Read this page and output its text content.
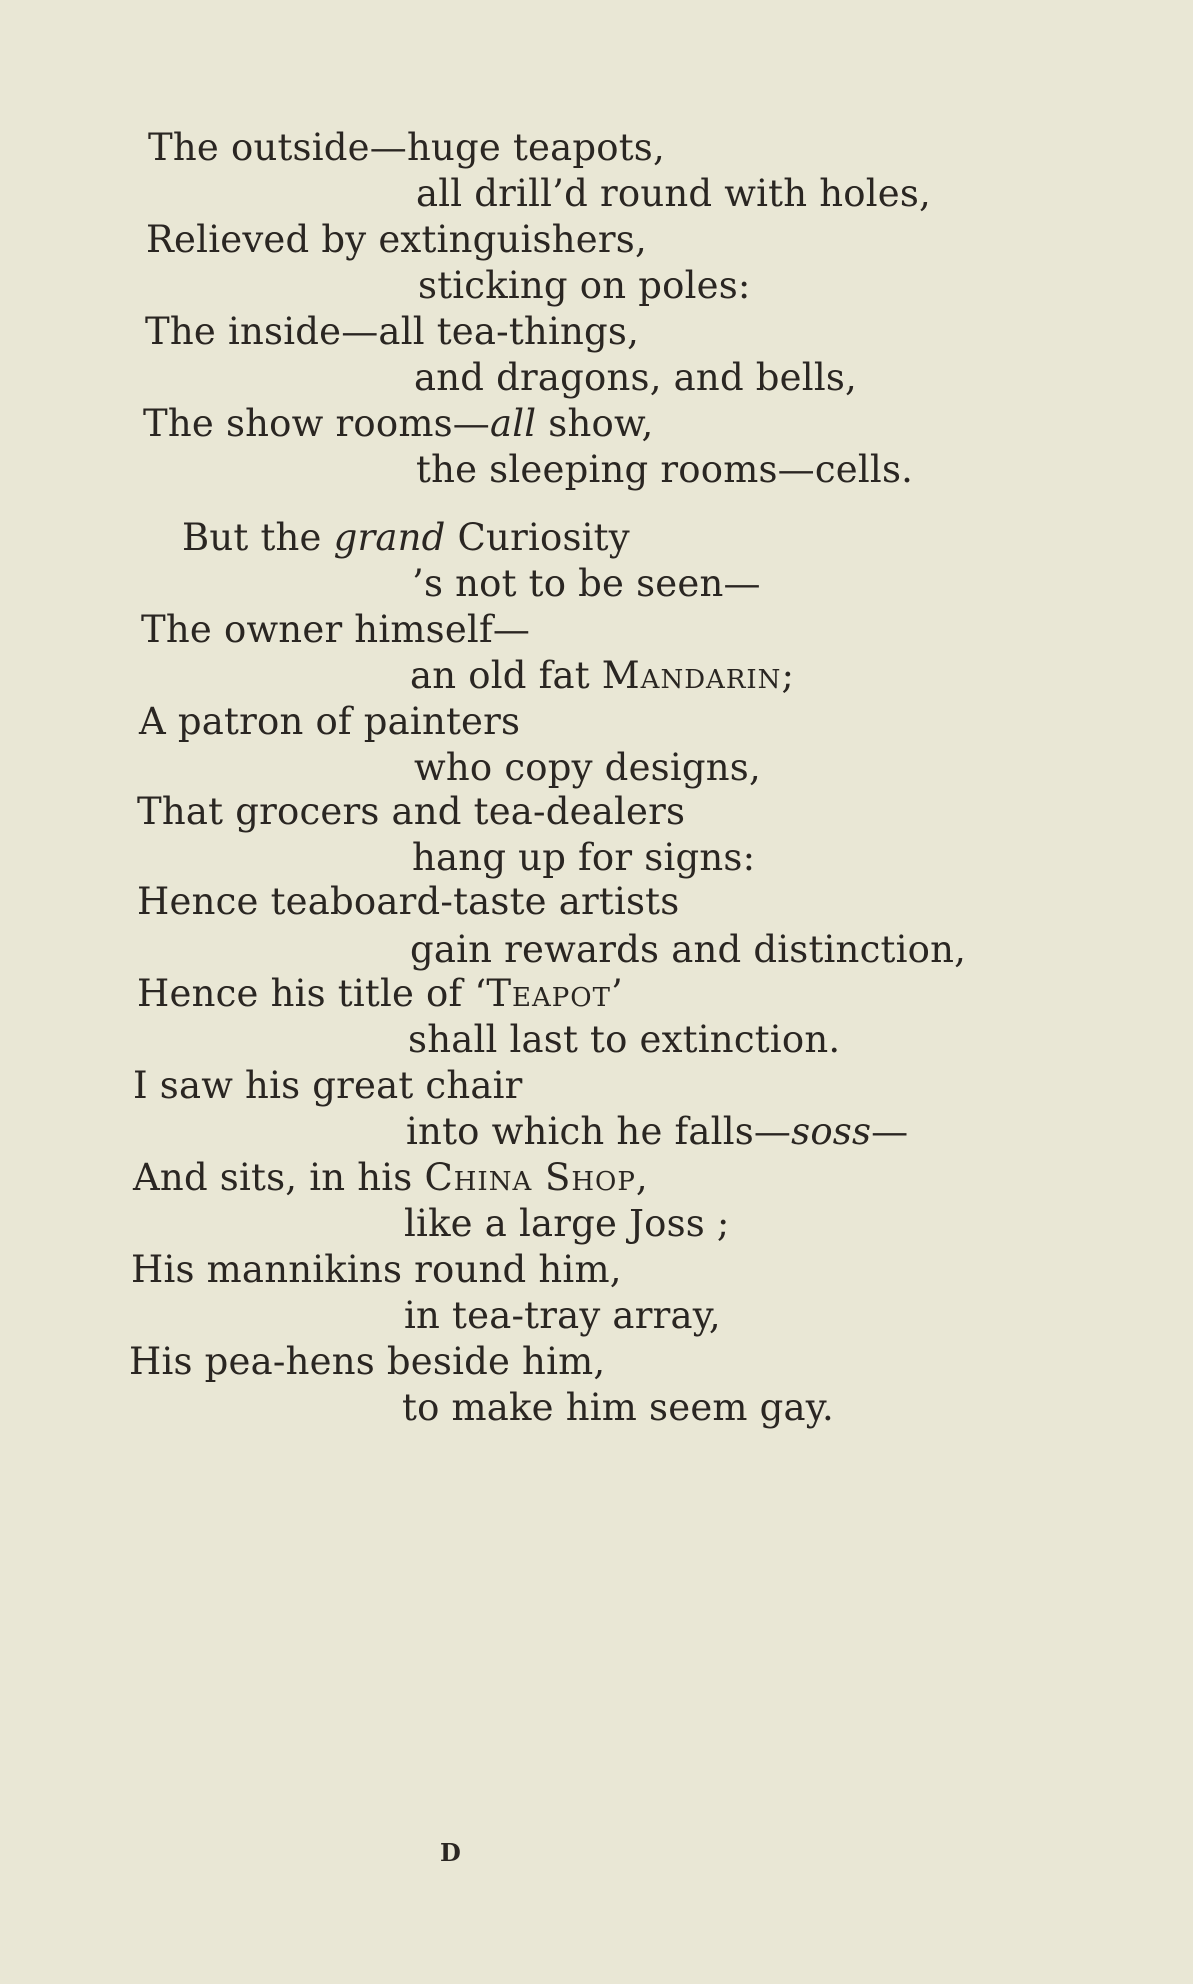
The outside—huge teapots,
all drill’d round with holes,
Relieved by extinguishers,
sticking on poles:
The inside—all tea-things,
and dragons, and bells,
The show rooms—all show,
the sleeping rooms—cells.
But the grand Curiosity
’s not to be seen—
The owner himself—
an old fat Mandarin;
A patron of painters
who copy designs,
That grocers and tea-dealers
hang up for signs:
Hence teaboard-taste artists
gain rewards and distinction,
Hence his title of ‘Teapot’
shall last to extinction.
I saw his great chair
into which he falls—soss—
And sits, in his China Shop,
like a large Joss ;
His mannikins round him,
in tea-tray array,
His pea-hens beside him,
to make him seem gay.
D
